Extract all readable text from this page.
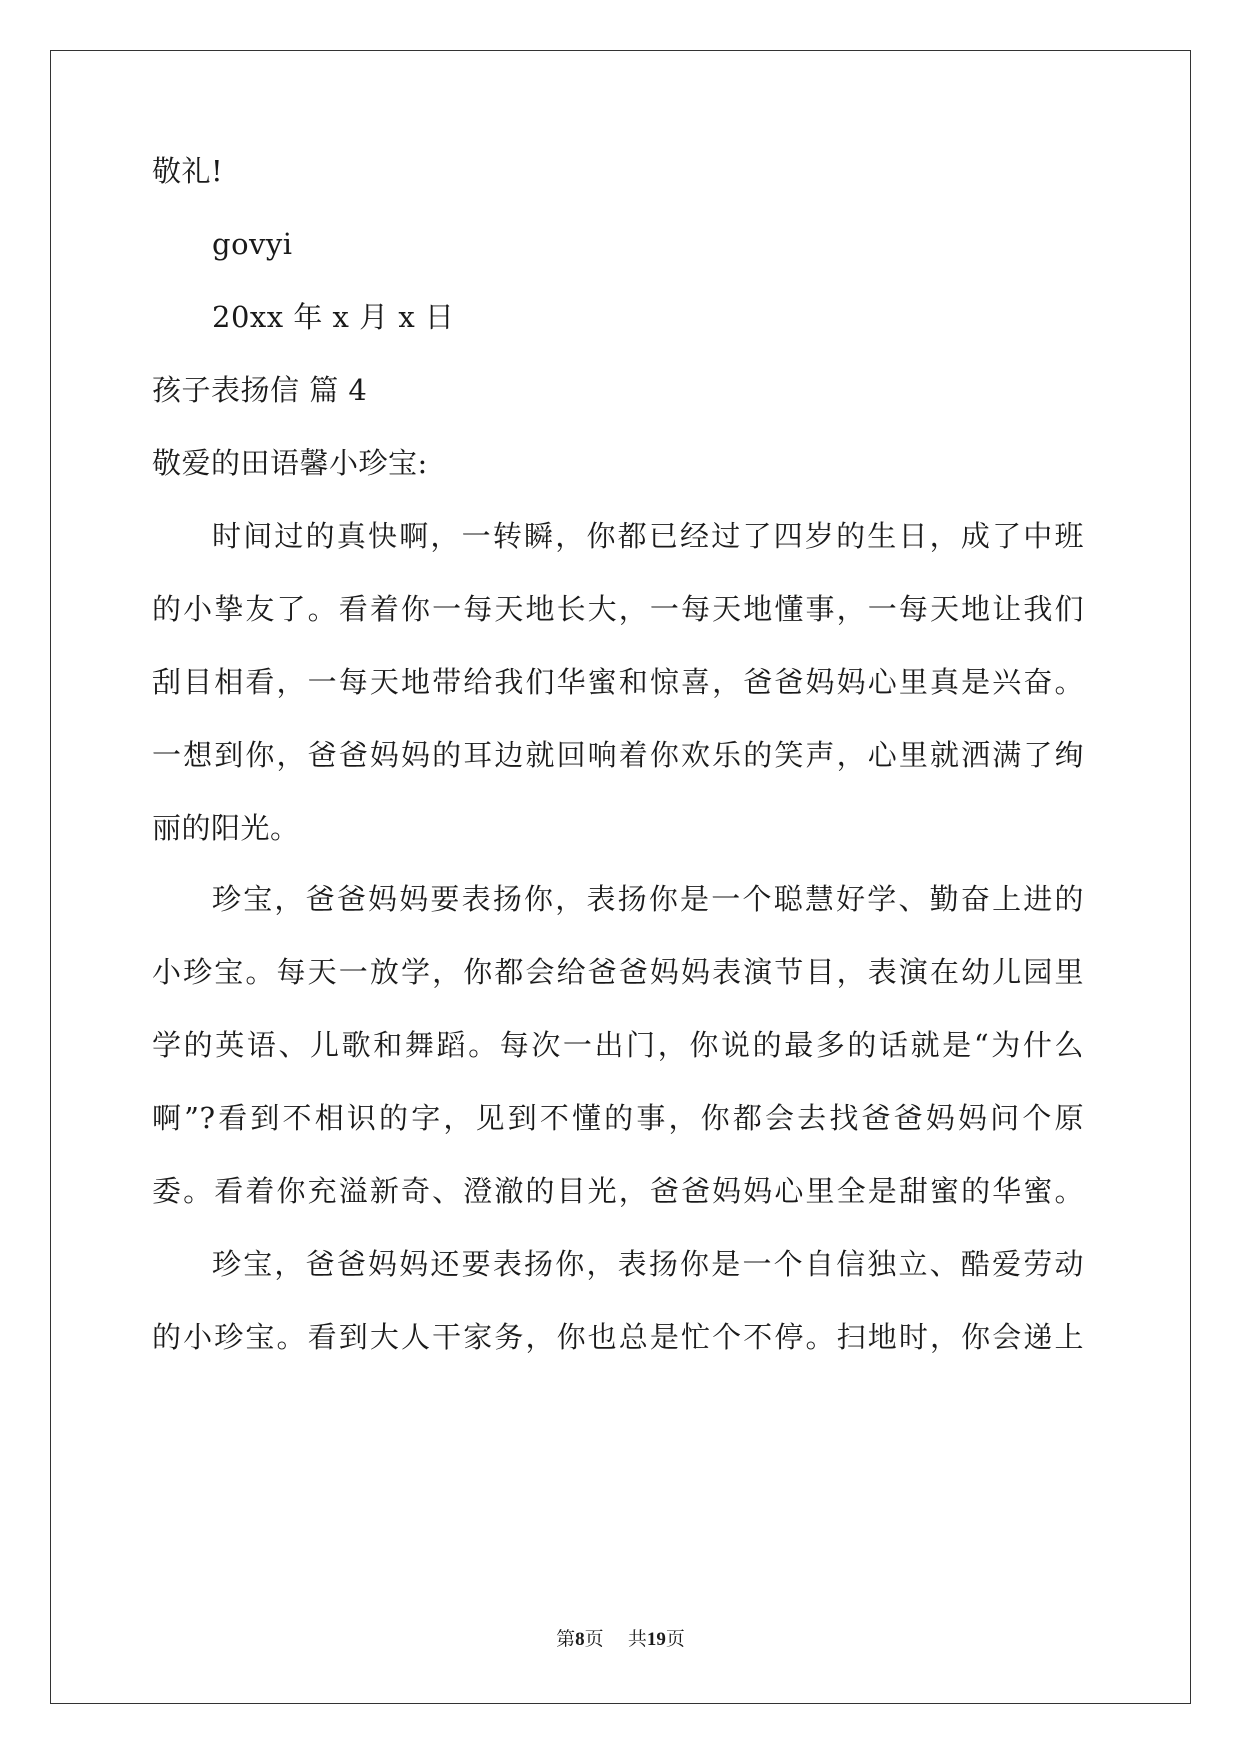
敬礼!
govyi
20xx 年 x 月 x 日
孩子表扬信 篇 4
敬爱的田语馨小珍宝:
时间过的真快啊，一转瞬，你都已经过了四岁的生日，成了中班
的小挚友了。看着你一每天地长大，一每天地懂事，一每天地让我们
刮目相看，一每天地带给我们华蜜和惊喜，爸爸妈妈心里真是兴奋。
一想到你，爸爸妈妈的耳边就回响着你欢乐的笑声，心里就洒满了绚
丽的阳光。
珍宝，爸爸妈妈要表扬你，表扬你是一个聪慧好学、勤奋上进的
小珍宝。每天一放学，你都会给爸爸妈妈表演节目，表演在幼儿园里
学的英语、儿歌和舞蹈。每次一出门，你说的最多的话就是“为什么
啊”?看到不相识的字，见到不懂的事，你都会去找爸爸妈妈问个原
委。看着你充溢新奇、澄澈的目光，爸爸妈妈心里全是甜蜜的华蜜。
珍宝，爸爸妈妈还要表扬你，表扬你是一个自信独立、酷爱劳动
的小珍宝。看到大人干家务，你也总是忙个不停。扫地时，你会递上
第8页 共19页
